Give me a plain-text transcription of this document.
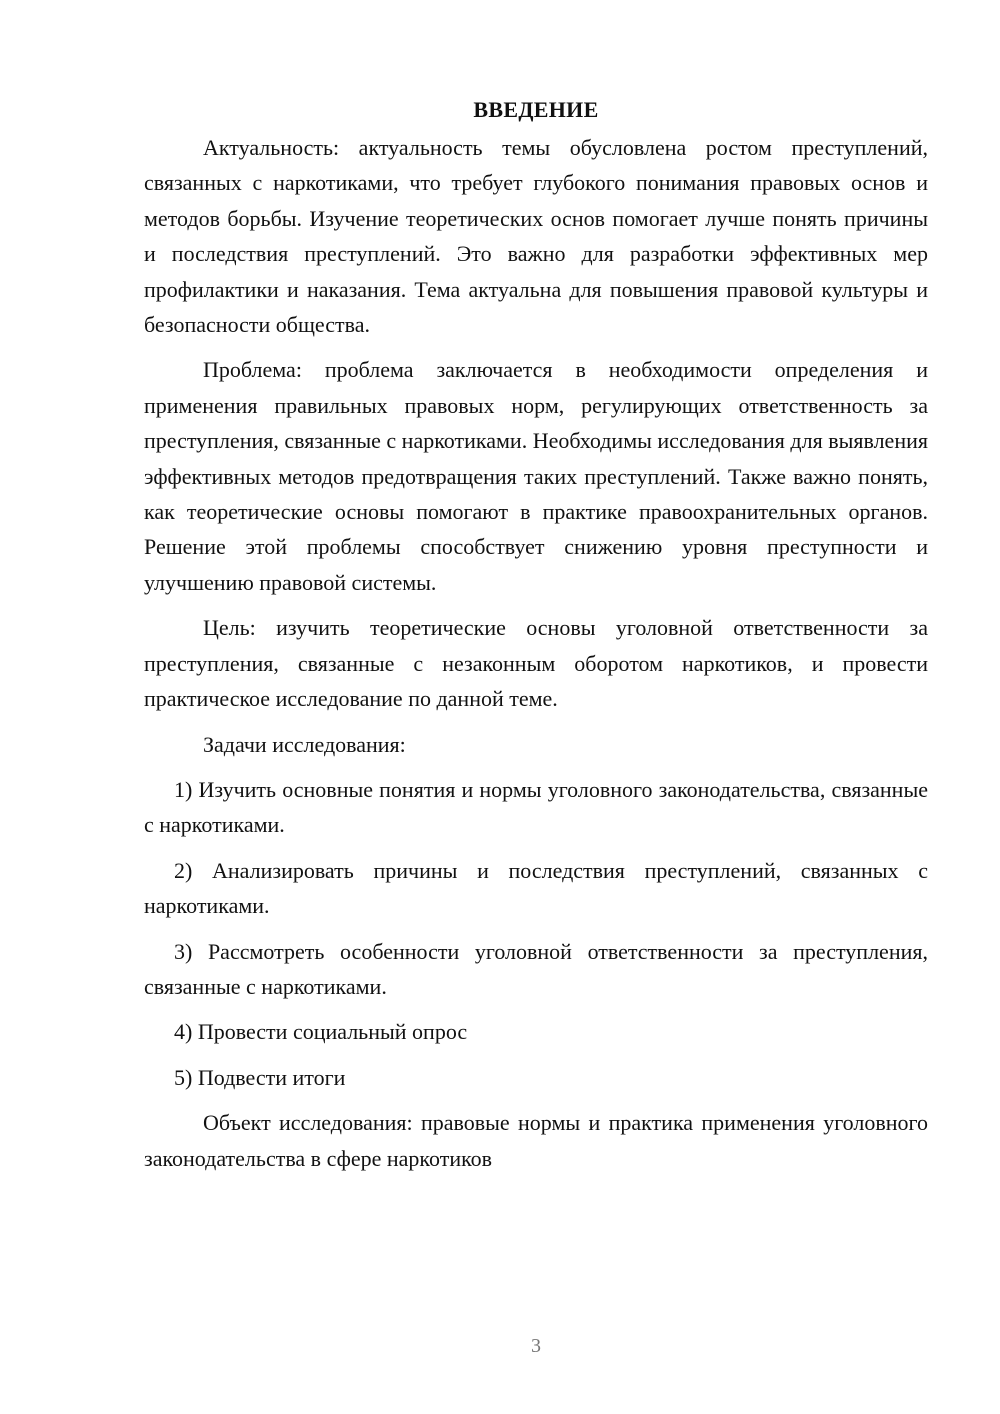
ВВЕДЕНИЕ

Актуальность: актуальность темы обусловлена ростом преступлений, связанных с наркотиками, что требует глубокого понимания правовых основ и методов борьбы. Изучение теоретических основ помогает лучше понять причины и последствия преступлений. Это важно для разработки эффективных мер профилактики и наказания. Тема актуальна для повышения правовой культуры и безопасности общества.

Проблема: проблема заключается в необходимости определения и применения правильных правовых норм, регулирующих ответственность за преступления, связанные с наркотиками. Необходимы исследования для выявления эффективных методов предотвращения таких преступлений. Также важно понять, как теоретические основы помогают в практике правоохранительных органов. Решение этой проблемы способствует снижению уровня преступности и улучшению правовой системы.

Цель: изучить теоретические основы уголовной ответственности за преступления, связанные с незаконным оборотом наркотиков, и провести практическое исследование по данной теме.

Задачи исследования:

1) Изучить основные понятия и нормы уголовного законодательства, связанные с наркотиками.

2) Анализировать причины и последствия преступлений, связанных с наркотиками.

3) Рассмотреть особенности уголовной ответственности за преступления, связанные с наркотиками.

4) Провести социальный опрос

5) Подвести итоги

Объект исследования: правовые нормы и практика применения уголовного законодательства в сфере наркотиков

3
